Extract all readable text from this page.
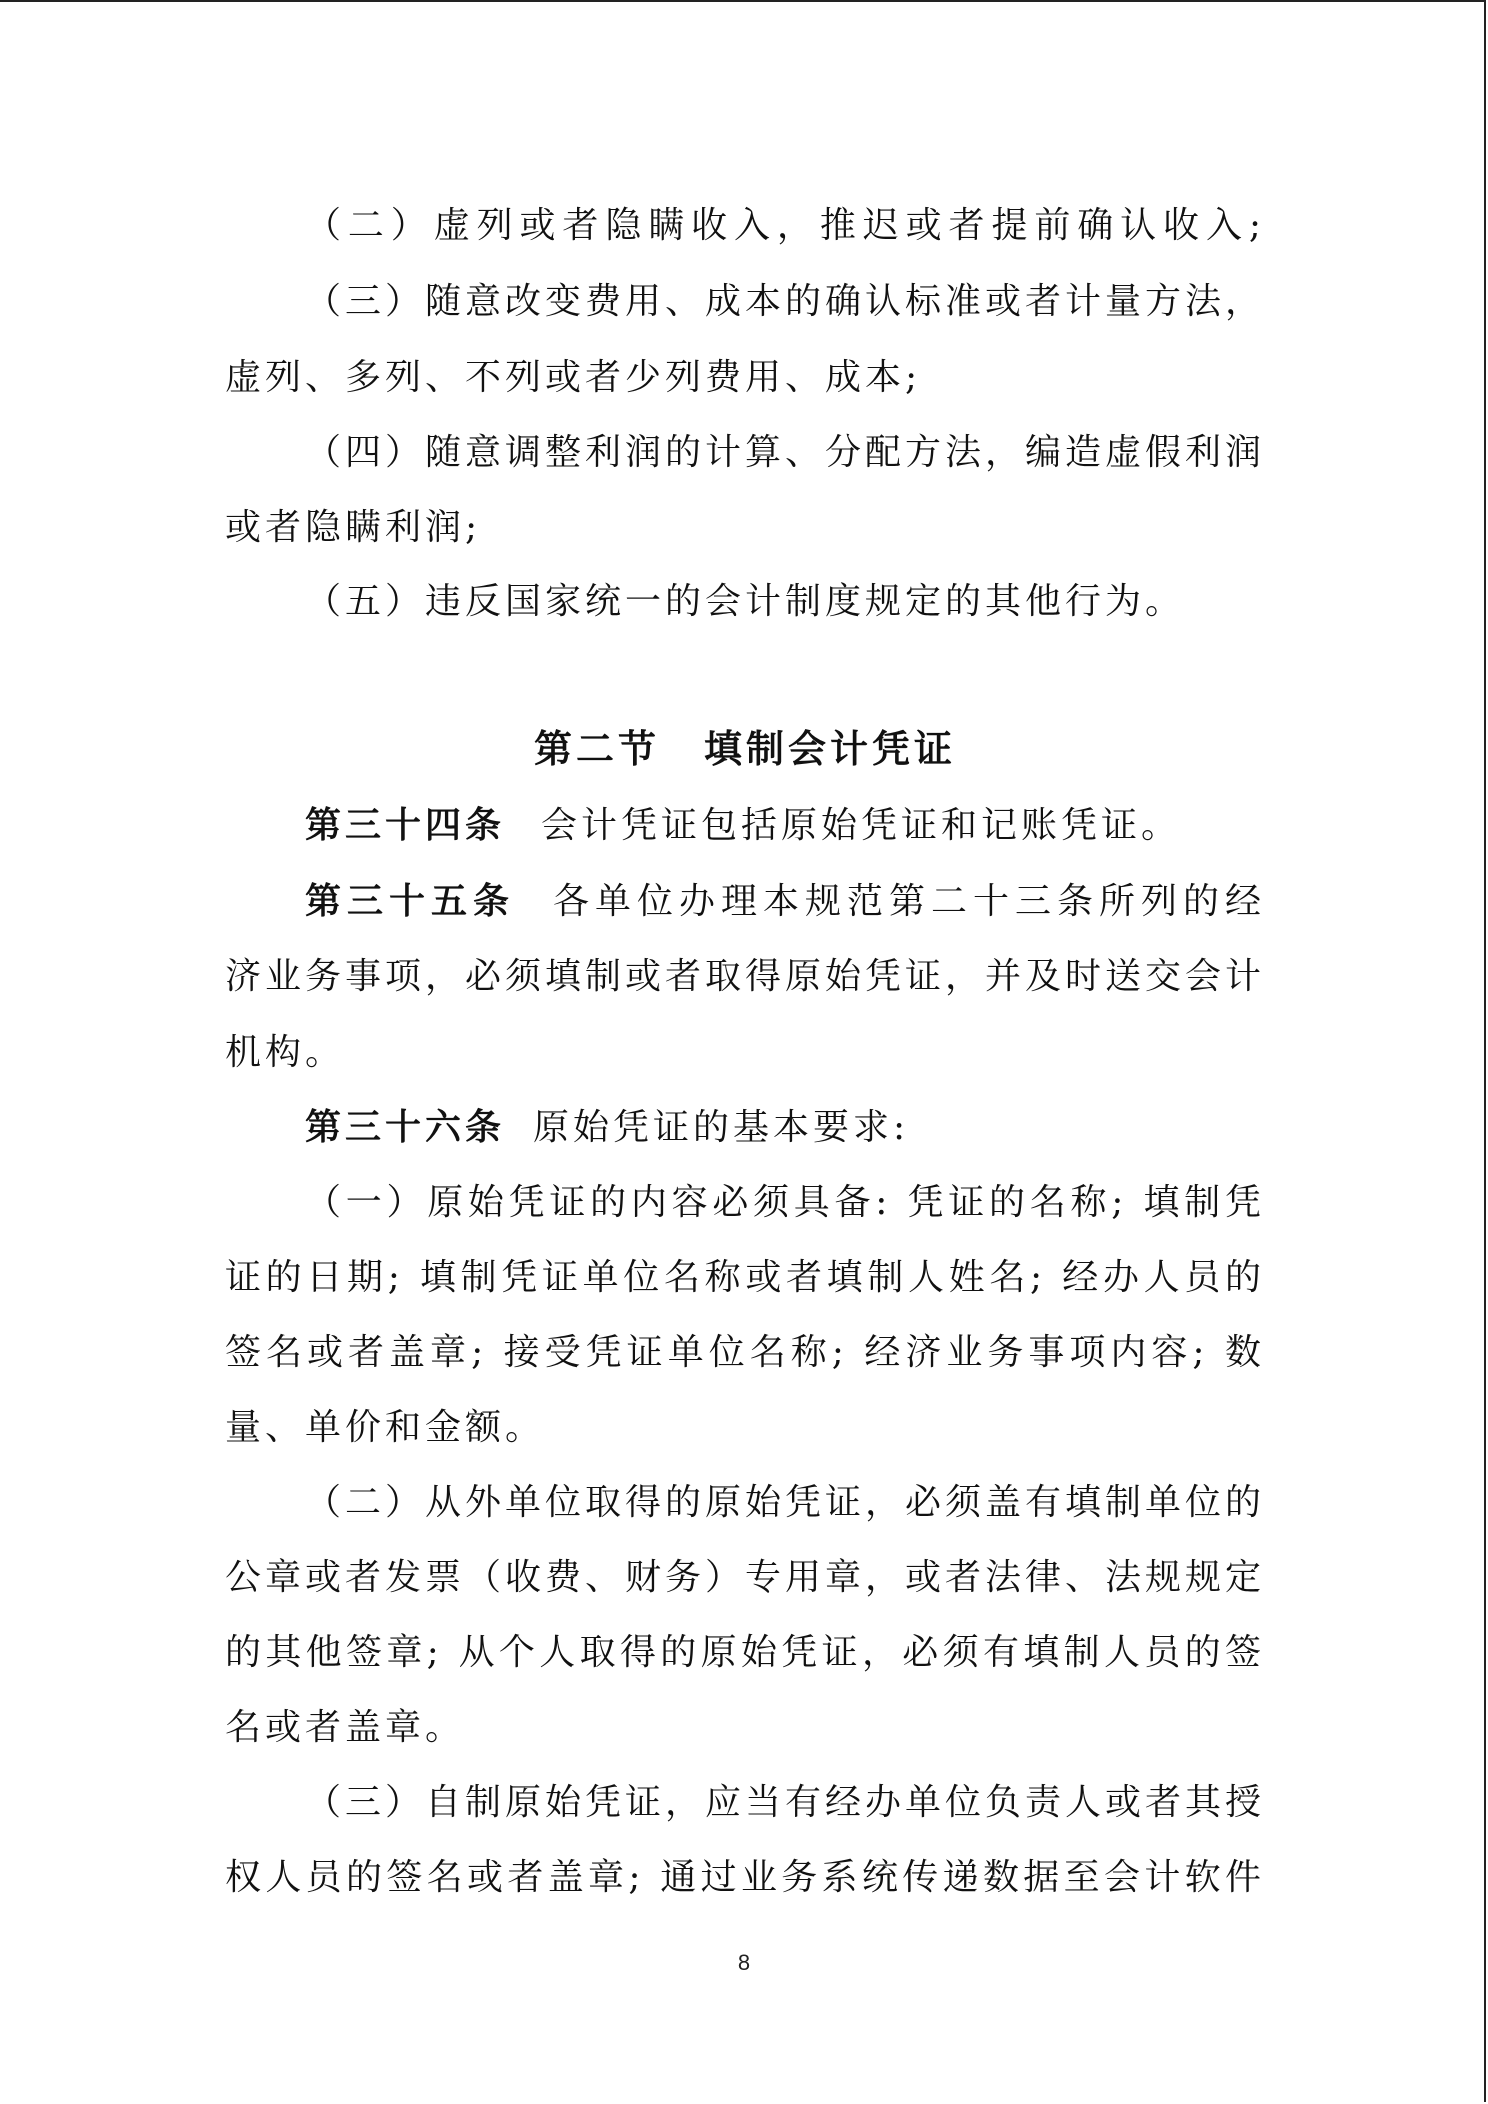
（二）虚列或者隐瞒收入，推迟或者提前确认收入;
（三）随意改变费用、成本的确认标准或者计量方法，
虚列、多列、不列或者少列费用、成本;
（四）随意调整利润的计算、分配方法，编造虚假利润
或者隐瞒利润;
（五）违反国家统一的会计制度规定的其他行为。
第二节 填制会计凭证
第三十四条 会计凭证包括原始凭证和记账凭证。
第三十五条 各单位办理本规范第二十三条所列的经
济业务事项，必须填制或者取得原始凭证，并及时送交会计
机构。
第三十六条 原始凭证的基本要求:
（一）原始凭证的内容必须具备: 凭证的名称; 填制凭
证的日期; 填制凭证单位名称或者填制人姓名; 经办人员的
签名或者盖章; 接受凭证单位名称; 经济业务事项内容; 数
量、单价和金额。
（二）从外单位取得的原始凭证，必须盖有填制单位的
公章或者发票（收费、财务）专用章，或者法律、法规规定
的其他签章; 从个人取得的原始凭证，必须有填制人员的签
名或者盖章。
（三）自制原始凭证，应当有经办单位负责人或者其授
权人员的签名或者盖章; 通过业务系统传递数据至会计软件
8
